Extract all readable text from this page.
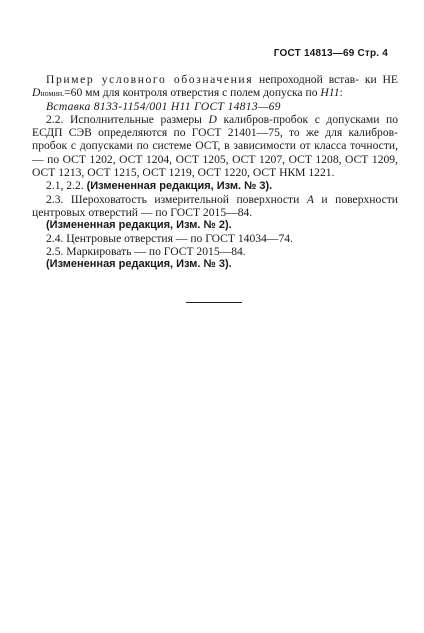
ГОСТ 14813—69 Стр. 4

Пример условного обозначения непроходной встав- ки НЕ Dномин.=60 мм для контроля отверстия с полем допуска по H11:

Вставка 8133-1154/001 H11 ГОСТ 14813—69

2.2. Исполнительные размеры D калибров-пробок с допусками по ЕСДП СЭВ определяются по ГОСТ 21401—75, то же для калибров-пробок с допусками по системе ОСТ, в зависимости от класса точности, — по ОСТ 1202, ОСТ 1204, ОСТ 1205, ОСТ 1207, ОСТ 1208, ОСТ 1209, ОСТ 1213, ОСТ 1215, ОСТ 1219, ОСТ 1220, ОСТ НКМ 1221.

2.1, 2.2. (Измененная редакция, Изм. № 3).

2.3. Шероховатость измерительной поверхности А и поверхности центровых отверстий — по ГОСТ 2015—84.

(Измененная редакция, Изм. № 2).

2.4. Центровые отверстия — по ГОСТ 14034—74.

2.5. Маркировать — по ГОСТ 2015—84.

(Измененная редакция, Изм. № 3).
